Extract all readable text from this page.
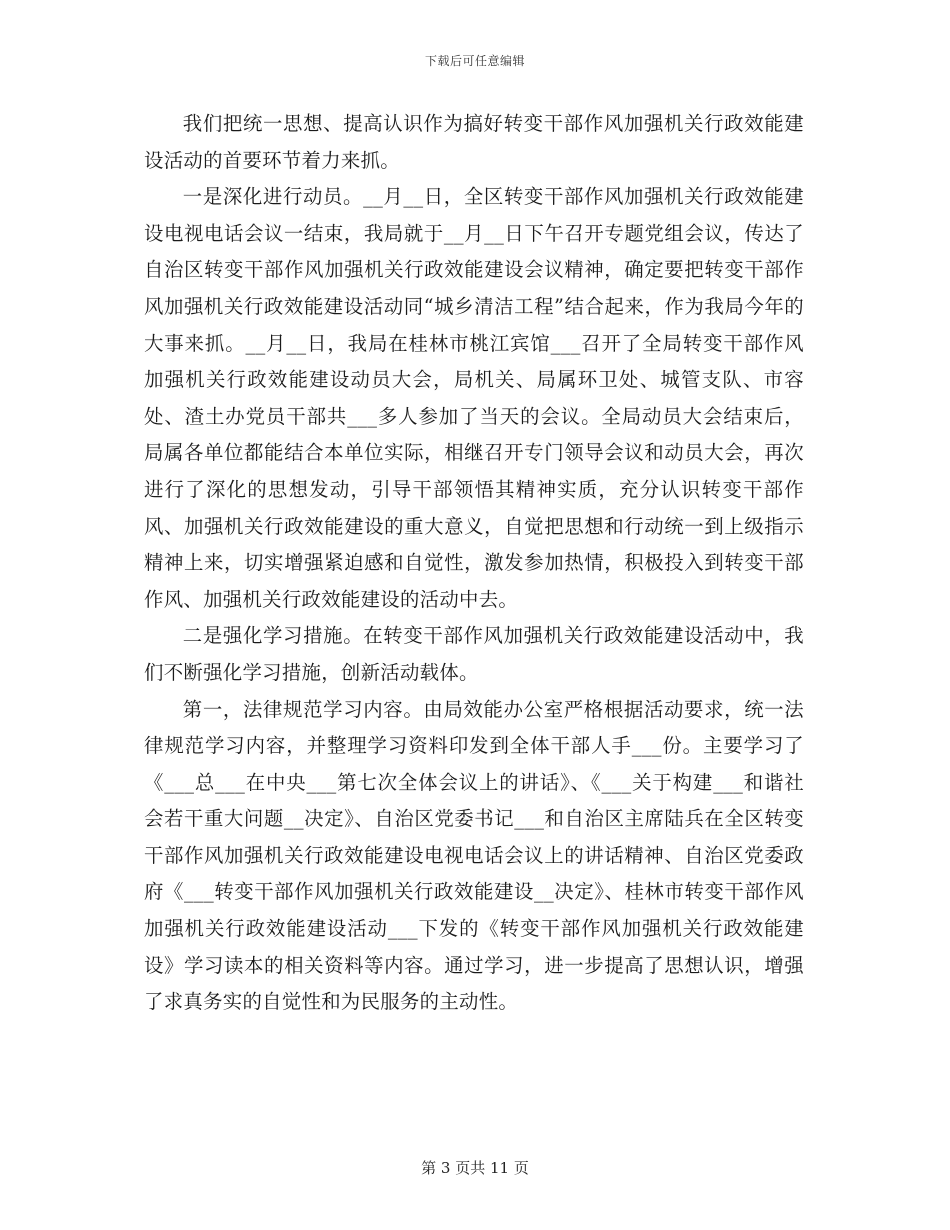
下载后可任意编辑

我们把统一思想、提高认识作为搞好转变干部作风加强机关行政效能建设活动的首要环节着力来抓。

一是深化进行动员。__月__日，全区转变干部作风加强机关行政效能建设电视电话会议一结束，我局就于__月__日下午召开专题党组会议，传达了自治区转变干部作风加强机关行政效能建设会议精神，确定要把转变干部作风加强机关行政效能建设活动同“城乡清洁工程”结合起来，作为我局今年的大事来抓。__月__日，我局在桂林市桃江宾馆___召开了全局转变干部作风加强机关行政效能建设动员大会，局机关、局属环卫处、城管支队、市容处、渣土办党员干部共___多人参加了当天的会议。全局动员大会结束后，局属各单位都能结合本单位实际，相继召开专门领导会议和动员大会，再次进行了深化的思想发动，引导干部领悟其精神实质，充分认识转变干部作风、加强机关行政效能建设的重大意义，自觉把思想和行动统一到上级指示精神上来，切实增强紧迫感和自觉性，激发参加热情，积极投入到转变干部作风、加强机关行政效能建设的活动中去。

二是强化学习措施。在转变干部作风加强机关行政效能建设活动中，我们不断强化学习措施，创新活动载体。

第一，法律规范学习内容。由局效能办公室严格根据活动要求，统一法律规范学习内容，并整理学习资料印发到全体干部人手___份。主要学习了《___总___在中央___第七次全体会议上的讲话》、《___关于构建___和谐社会若干重大问题__决定》、自治区党委书记___和自治区主席陆兵在全区转变干部作风加强机关行政效能建设电视电话会议上的讲话精神、自治区党委政府《___转变干部作风加强机关行政效能建设__决定》、桂林市转变干部作风加强机关行政效能建设活动___下发的《转变干部作风加强机关行政效能建设》学习读本的相关资料等内容。通过学习，进一步提高了思想认识，增强了求真务实的自觉性和为民服务的主动性。

第 3 页共 11 页
